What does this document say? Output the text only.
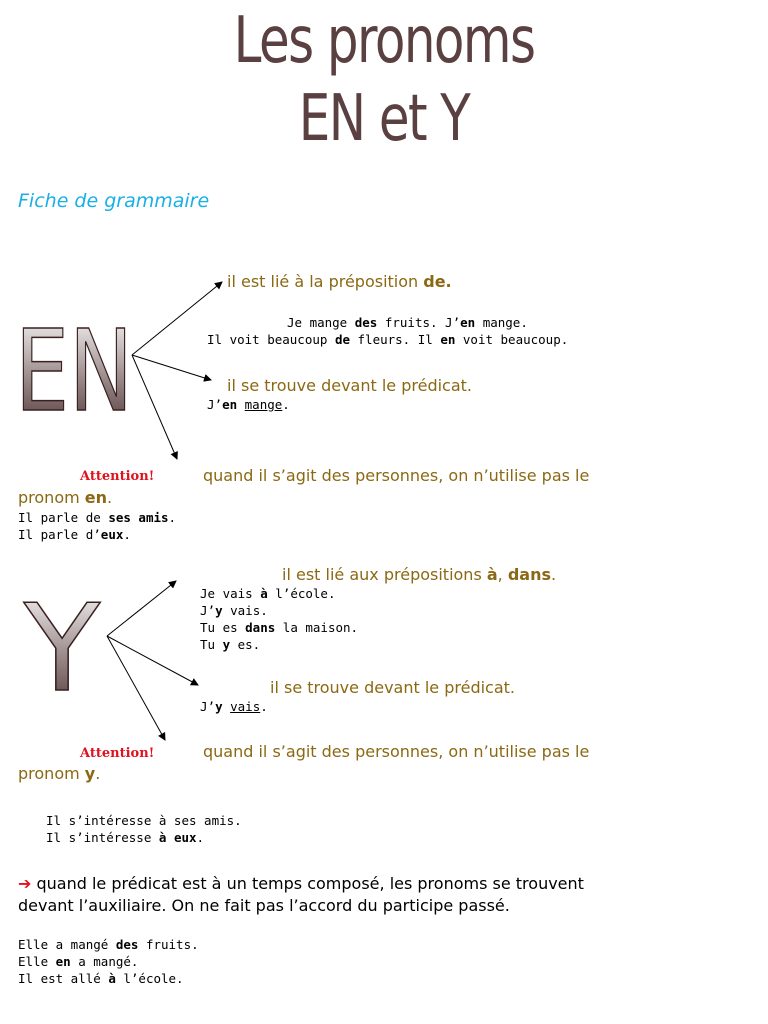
EN
Y
Les pronoms
EN et Y
Fiche de grammaire
il est lié à la préposition de.
Je mange des fruits. J’en mange.
Il voit beaucoup de fleurs. Il en voit beaucoup.
il se trouve devant le prédicat.
J’en mange.
Attention!	quand il s’agit des personnes, on n’utilise pas le
pronom en.
Il parle de ses amis.
Il parle d’eux.
il est lié aux prépositions à, dans.
Je vais à l’école.
J’y vais.
Tu es dans la maison.
Tu y es.
il se trouve devant le prédicat.
J’y vais.
Attention!	quand il s’agit des personnes, on n’utilise pas le
pronom y.
Il s’intéresse à ses amis.
Il s’intéresse à eux.
➔ quand le prédicat est à un temps composé, les pronoms se trouvent
devant l’auxiliaire. On ne fait pas l’accord du participe passé.
Elle a mangé des fruits.
Elle en a mangé.
Il est allé à l’école.
